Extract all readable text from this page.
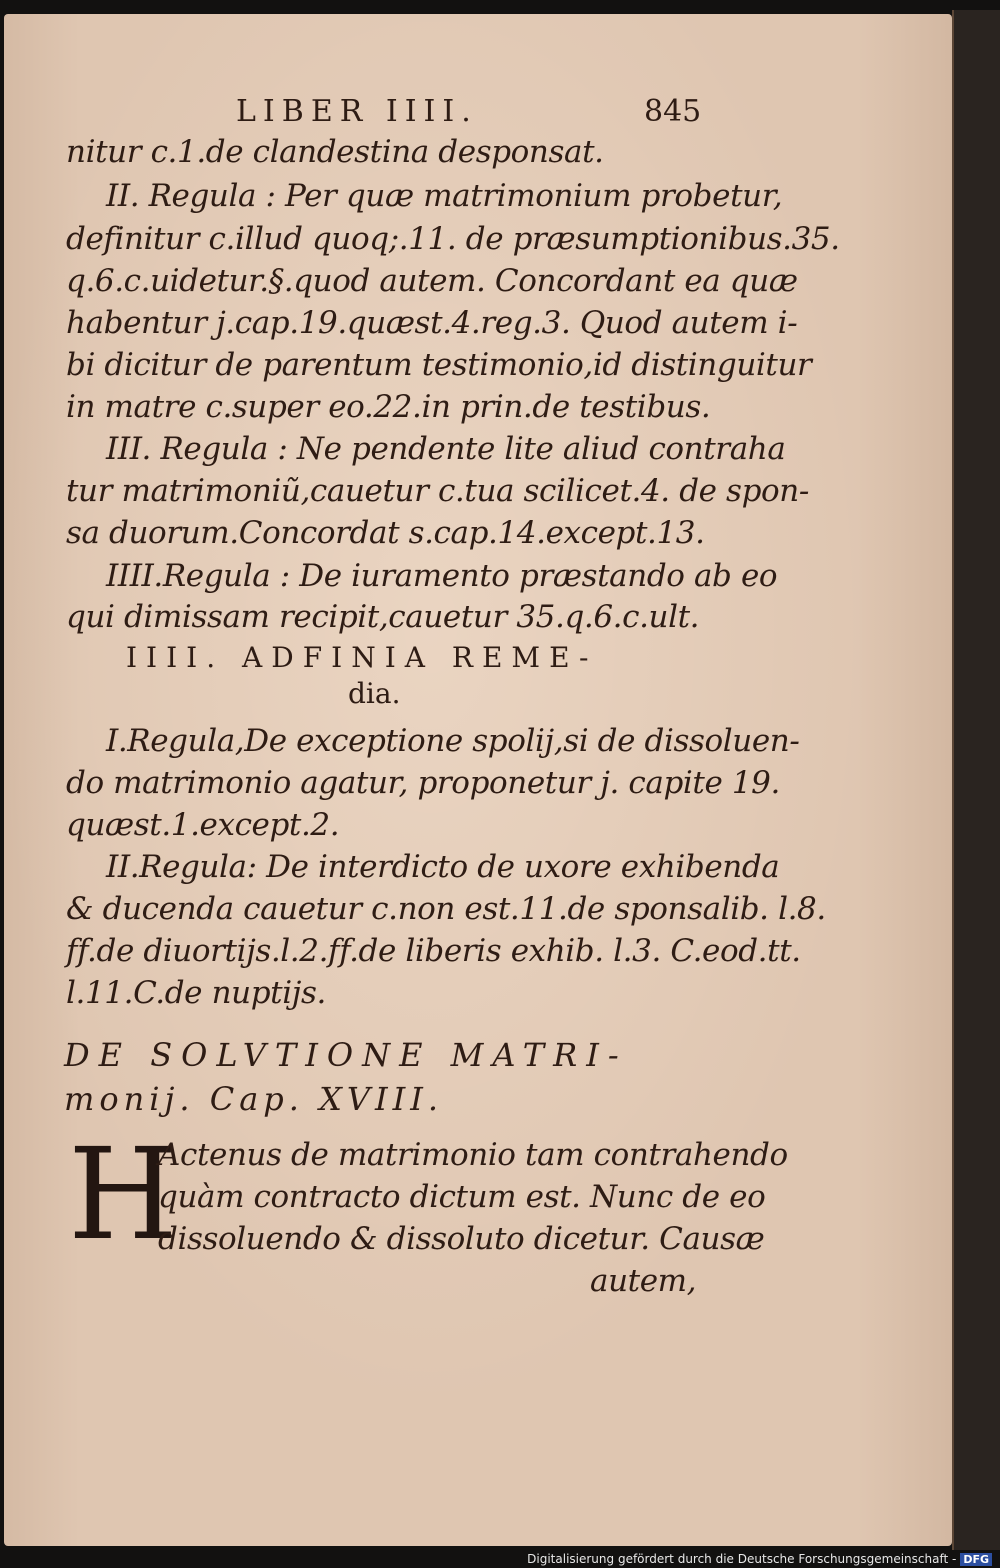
LIBER IIII.	845

nitur c.1.de clandestina desponsat.

II. Regula : Per quæ matrimonium probetur,

definitur c.illud quoq;.11. de præsumptionibus.35.

q.6.c.uidetur.§.quod autem. Concordant ea quæ

habentur j.cap.19.quæst.4.reg.3. Quod autem i-

bi dicitur de parentum testimonio,id distinguitur

in matre c.super eo.22.in prin.de testibus.

III. Regula : Ne pendente lite aliud contraha

tur matrimoniũ,cauetur c.tua scilicet.4. de spon-

sa duorum.Concordat s.cap.14.except.13.

IIII.Regula : De iuramento præstando ab eo

qui dimissam recipit,cauetur 35.q.6.c.ult.

IIII. ADFINIA REME-

dia.

I.Regula,De exceptione spolij,si de dissoluen-

do matrimonio agatur, proponetur j. capite 19.

quæst.1.except.2.

II.Regula: De interdicto de uxore exhibenda

& ducenda cauetur c.non est.11.de sponsalib. l.8.

ff.de diuortijs.l.2.ff.de liberis exhib. l.3. C.eod.tt.

l.11.C.de nuptijs.

DE SOLVTIONE MATRI-

monij. Cap. XVIII.

H

Actenus de matrimonio tam contrahendo

quàm contracto dictum est. Nunc de eo

dissoluendo & dissoluto dicetur. Causæ

autem,

Digitalisierung gefördert durch die Deutsche Forschungsgemeinschaft - DFG
